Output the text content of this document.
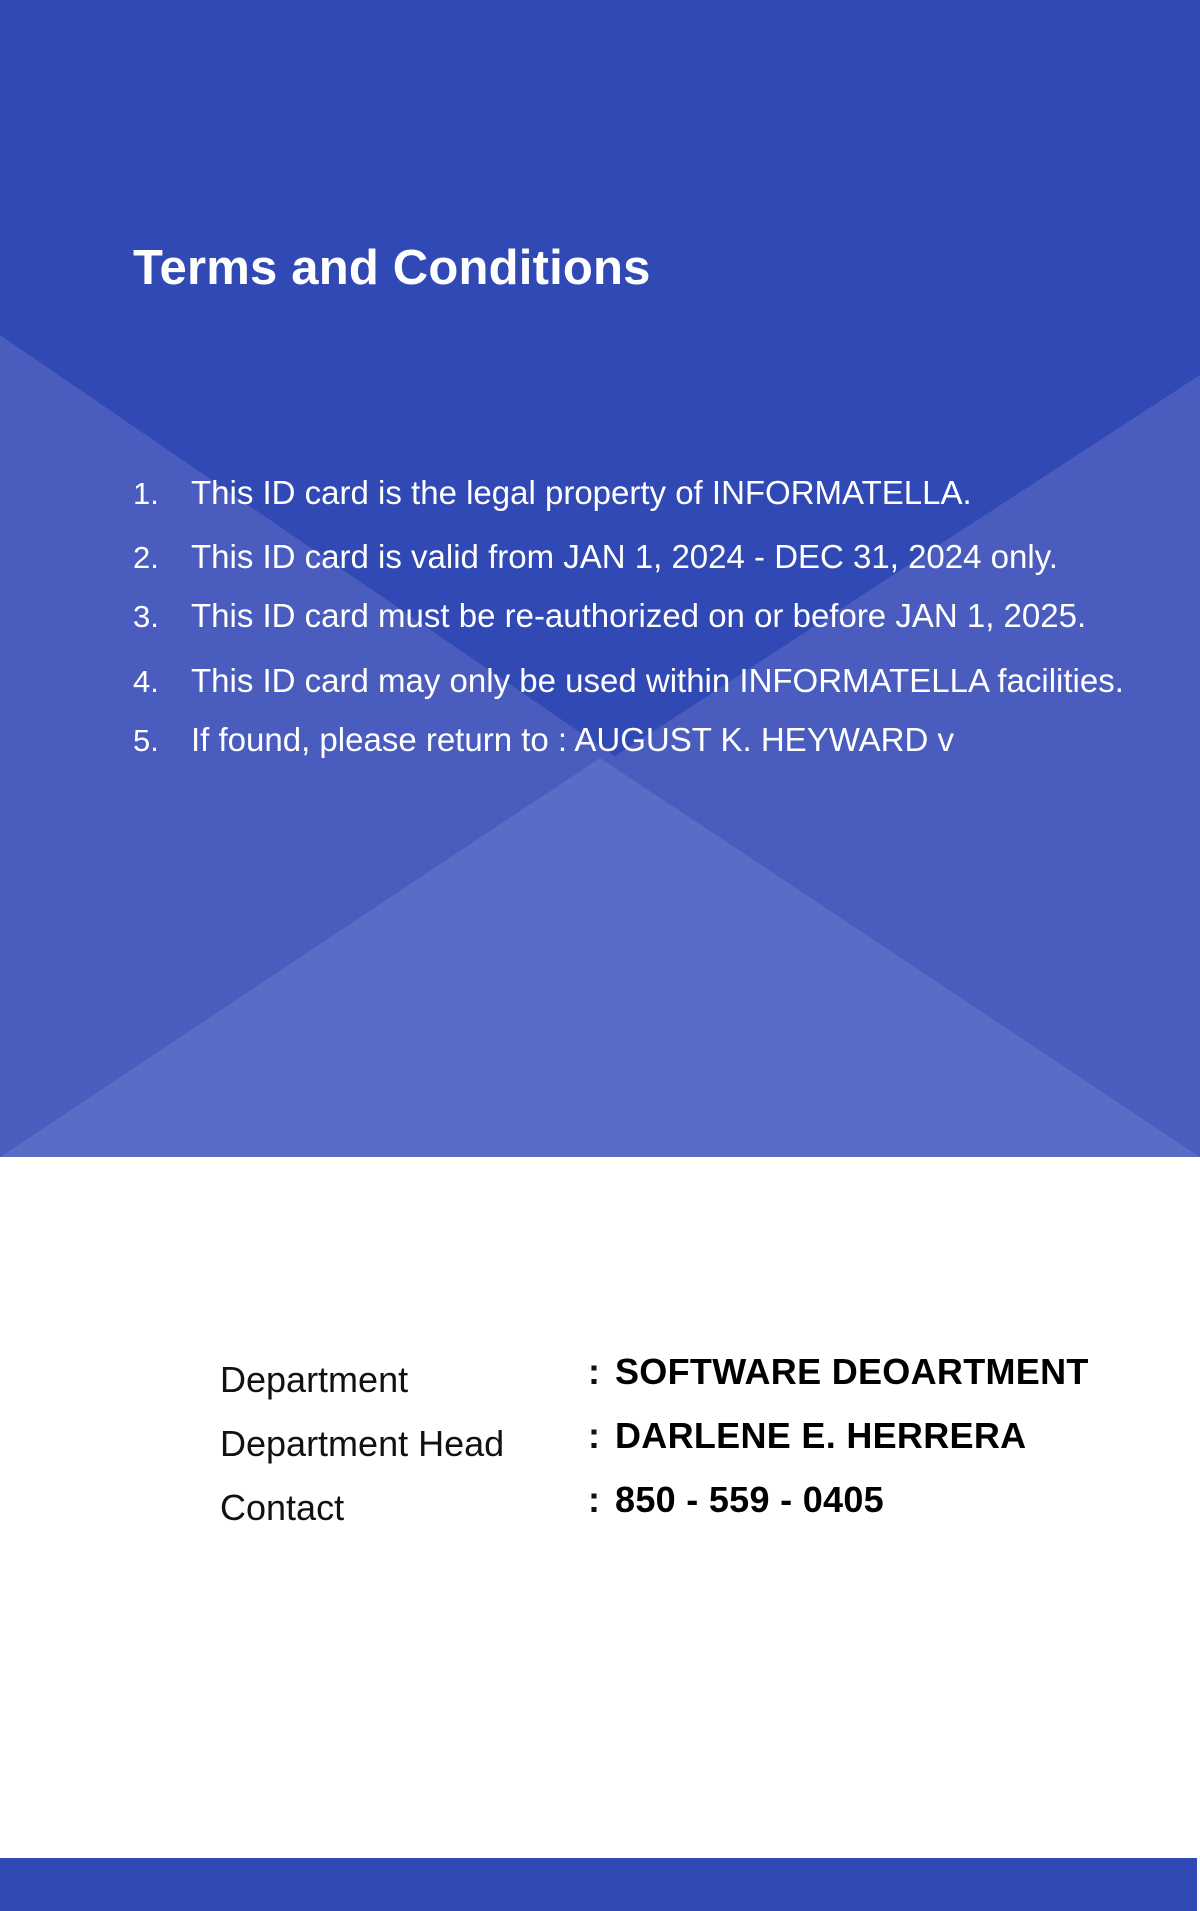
Terms and Conditions
1. This ID card is the legal property of INFORMATELLA.
2. This ID card is valid from JAN 1, 2024 - DEC 31, 2024 only.
3. This ID card must be re-authorized on or before JAN 1, 2025.
4. This ID card may only be used within INFORMATELLA facilities.
5. If found, please return to : AUGUST K. HEYWARD v
Department	: SOFTWARE DEOARTMENT
Department Head : DARLENE E. HERRERA
Contact	: 850 - 559 - 0405
